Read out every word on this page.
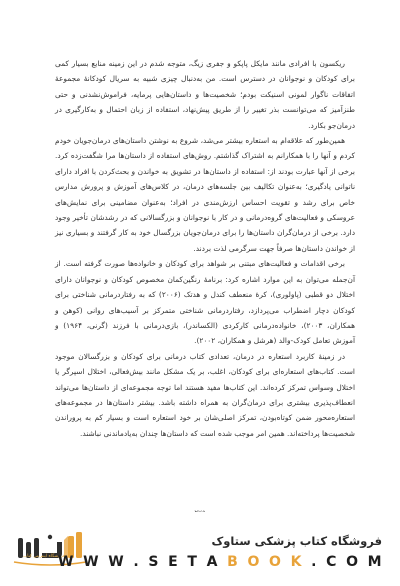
ریکسون با افرادی مانند مایکل پاپکو و جفری زیگ، متوجه شدم در این زمینه منابع بسیار کمی برای کودکان و نوجوانان در دسترس است. من به‌دنبال چیزی شبیه به سریال کودکانهٔ مجموعهٔ اتفاقات ناگوار لمونی اسنیکت بودم؛ شخصیت‌ها و داستان‌هایی پرمایه، فراموش‌نشدنی و حتی طنزآمیز که می‌توانست بذر تغییر را از طریق پیش‌نهاد، استفاده از زبان احتمال و به‌کارگیری در درمان‌جو بکارد.

همین‌طور که علاقه‌ام به استعاره بیشتر می‌شد، شروع به نوشتن داستان‌های درمان‌جویان خودم کردم و آنها را با همکارانم به اشتراک گذاشتم. روش‌های استفاده از داستان‌ها مرا شگفت‌زده کرد. برخی از آنها عبارت بودند از: استفاده از داستان‌ها در تشویق به خواندن و بحث‌کردن با افراد دارای ناتوانی یادگیری؛ به‌عنوان تکالیف بین جلسه‌های درمان، در کلاس‌های آموزش و پرورش مدارس خاص برای رشد و تقویت احساس ارزش‌مندی در افراد؛ به‌عنوان مضامینی برای نمایش‌های عروسکی و فعالیت‌های گروه‌درمانی و در کار با نوجوانان و بزرگسالانی که در رشدشان تأخیر وجود دارد. برخی از درمان‌گران داستان‌ها را برای درمان‌جویان بزرگسال خود به کار گرفتند و بسیاری نیز از خواندن داستان‌ها صرفاً جهت سرگرمی لذت بردند.

برخی اقدامات و فعالیت‌های مبتنی بر شواهد برای کودکان و خانواده‌ها صورت گرفته است. از آن‌جمله می‌توان به این موارد اشاره کرد: برنامهٔ رنگین‌کمان مخصوص کودکان و نوجوانان دارای اختلال دو قطبی (پاولوری)، کرهٔ منعطف کندل و هدتک (۲۰۰۶) که به رفتاردرمانی شناختی برای کودکان دچار اضطراب می‌پردازد، رفتاردرمانی شناختی متمرکز بر آسیب‌های روانی (کوهن و همکاران، ۲۰۰۳)، خانواده‌درمانی کارکردی (الکساندر)، بازی‌درمانی با فرزند (گرنی، ۱۹۶۴) و آموزش تعامل کودک-والد (هرشل و همکاران، ۲۰۰۲).

در زمینهٔ کاربرد استعاره در درمان، تعدادی کتاب درمانی برای کودکان و بزرگسالان موجود است. کتاب‌های استعاره‌ای برای کودکان، اغلب، بر یک مشکل مانند بیش‌فعالی، اختلال اسپرگر یا اختلال وسواس تمرکز کرده‌اند. این کتاب‌ها مفید هستند اما توجه مجموعه‌ای از داستان‌ها می‌تواند انعطاف‌پذیری بیشتری برای درمان‌گران به همراه داشته باشد. بیشتر داستان‌ها در مجموعه‌های استعاره‌محور ضمن کوتاه‌بودن، تمرکز اصلی‌شان بر خود استعاره است و بسیار کم به پروراندن شخصیت‌ها پرداخته‌اند. همین امر موجب شده است که داستان‌ها چندان به‌یادماندنی نباشند.

فروشگاه اینترنتی کتاب
فروشگاه کتاب پزشکی ستاوک
W W W . S E T A B O O K . C O M
